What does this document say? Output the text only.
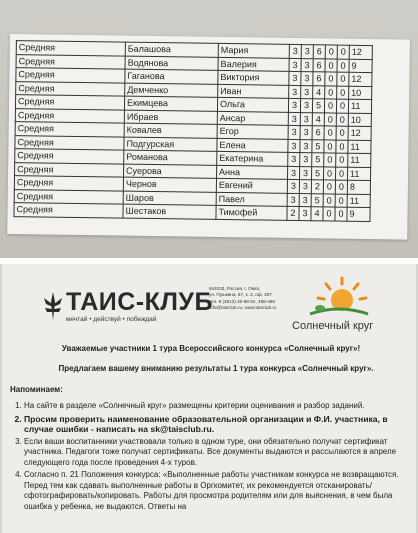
Средняя	Балашова	Мария	3	3	6	0	0	12
Средняя	Водянова	Валерия	3	3	6	0	0	9
Средняя	Гаганова	Виктория	3	3	6	0	0	12
Средняя	Демченко	Иван	3	3	4	0	0	10
Средняя	Екимцева	Ольга	3	3	5	0	0	11
Средняя	Ибраев	Ансар	3	3	4	0	0	10
Средняя	Ковалев	Егор	3	3	6	0	0	12
Средняя	Подгурская	Елена	3	3	5	0	0	11
Средняя	Романова	Екатерина	3	3	5	0	0	11
Средняя	Суерова	Анна	3	3	5	0	0	11
Средняя	Чернов	Евгений	3	3	2	0	0	8
Средняя	Шаров	Павел	3	3	5	0	0	11
Средняя	Шестаков	Тимофей	2	3	4	0	0	9
ТАИС-КЛУБ
мечтай • действуй • побеждай
644033, Россия, г. Омск,
ул. Пушкина, 67, к. 3, оф. 307
тел. 8 (3812) 40-98-52, 488-488
info@taisclub.ru, www.taisclub.ru
Солнечный круг
Уважаемые участники 1 тура Всероссийского конкурса «Солнечный круг»!
Предлагаем вашему вниманию результаты 1 тура конкурса «Солнечный круг».
Напоминаем:
1. На сайте в разделе «Солнечный круг» размещены критерии оценивания и разбор заданий.
2. Просим проверить наименование образовательной организации и Ф.И. участника, в случае ошибки - написать на sk@taisclub.ru.
3. Если ваши воспитанники участвовали только в одном туре, они обязательно получат сертификат участника. Педагоги тоже получат сертификаты. Все документы выдаются и рассылаются в апреле следующего года после проведения 4-х туров.
4. Согласно п. 21 Положения конкурса: «Выполненные работы участникам конкурса не возвращаются. Перед тем как сдавать выполненные работы в Оргкомитет, их рекомендуется отсканировать/сфотографировать/копировать. Работы для просмотра родителям или для выяснения, в чем была ошибка у ребенка, не выдаются. Ответы на
